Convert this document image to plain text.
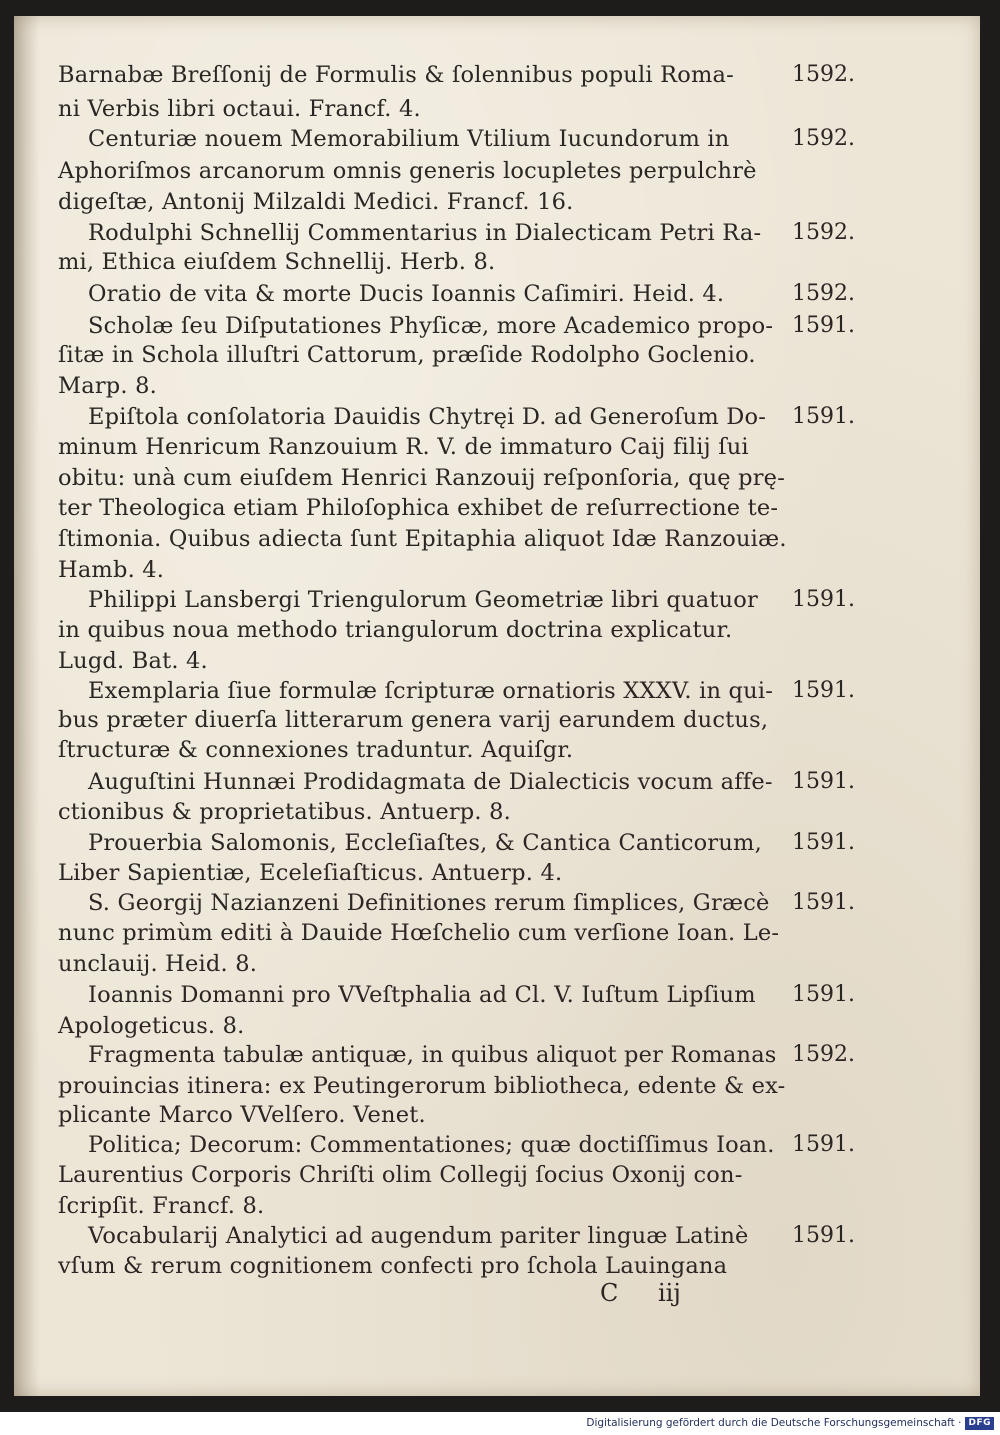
Barnabæ Breſſonij de Formulis & ſolennibus populi Roma-	1592.
ni Verbis libri octaui. Francf. 4.
Centuriæ nouem Memorabilium Vtilium Iucundorum in	1592.
Aphoriſmos arcanorum omnis generis locupletes perpulchrè
digeſtæ, Antonij Milzaldi Medici. Francf. 16.
Rodulphi Schnellij Commentarius in Dialecticam Petri Ra- 1592.
mi, Ethica eiuſdem Schnellij. Herb. 8.
Oratio de vita & morte Ducis Ioannis Caſimiri. Heid. 4.	1592.
Scholæ ſeu Diſputationes Phyſicæ, more Academico propo- 1591.
ſitæ in Schola illuſtri Cattorum, præſide Rodolpho Goclenio.
Marp. 8.
Epiſtola conſolatoria Dauidis Chytręi D. ad Generoſum Do- 1591.
minum Henricum Ranzouium R. V. de immaturo Caij filij ſui
obitu: unà cum eiuſdem Henrici Ranzouij reſponſoria, quę prę-
ter Theologica etiam Philoſophica exhibet de reſurrectione te-
ſtimonia. Quibus adiecta ſunt Epitaphia aliquot Idæ Ranzouiæ.
Hamb. 4.
Philippi Lansbergi Triengulorum Geometriæ libri quatuor 1591.
in quibus noua methodo triangulorum doctrina explicatur.
Lugd. Bat. 4.
Exemplaria ſiue formulæ ſcripturæ ornatioris XXXV. in qui- 1591.
bus præter diuerſa litterarum genera varij earundem ductus,
ſtructuræ & connexiones traduntur. Aquiſgr.
Auguſtini Hunnæi Prodidagmata de Dialecticis vocum affe- 1591.
ctionibus & proprietatibus. Antuerp. 8.
Prouerbia Salomonis, Eccleſiaſtes, & Cantica Canticorum, 1591.
Liber Sapientiæ, Eceleſiaſticus. Antuerp. 4.
S. Georgij Nazianzeni Definitiones rerum ſimplices, Græcè 1591.
nunc primùm editi à Dauide Hœſchelio cum verſione Ioan. Le-
unclauij. Heid. 8.
Ioannis Domanni pro VVeſtphalia ad Cl. V. Iuſtum Lipſium 1591.
Apologeticus. 8.
Fragmenta tabulæ antiquæ, in quibus aliquot per Romanas 1592.
prouincias itinera: ex Peutingerorum bibliotheca, edente & ex-
plicante Marco VVelſero. Venet.
Politica; Decorum: Commentationes; quæ doctiſſimus Ioan. 1591.
Laurentius Corporis Chriſti olim Collegij ſocius Oxonij con-
ſcripſit. Francf. 8.
Vocabularij Analytici ad augendum pariter linguæ Latinè 1591.
vſum & rerum cognitionem confecti pro ſchola Lauingana
C iij
Digitalisierung gefördert durch die Deutsche Forschungsgemeinschaft · DFG
